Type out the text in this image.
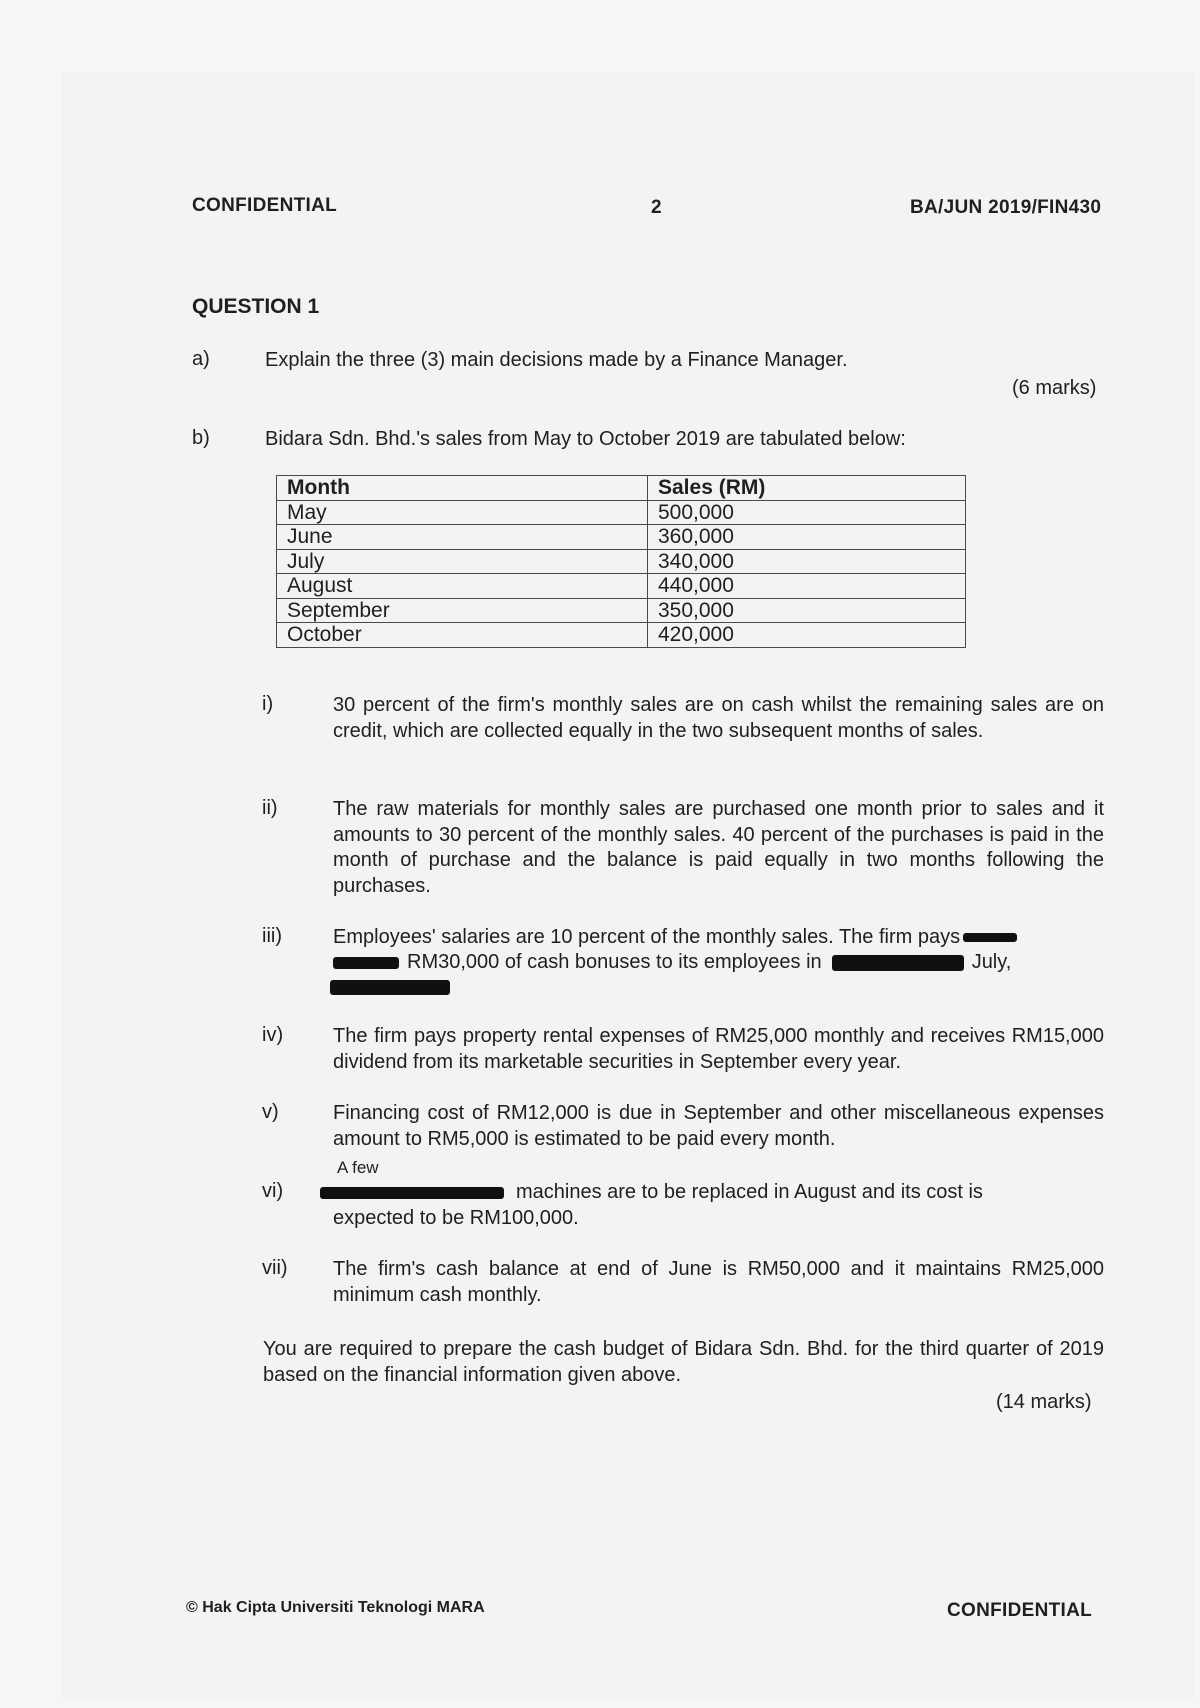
CONFIDENTIAL	2	BA/JUN 2019/FIN430
QUESTION 1
a)	Explain the three (3) main decisions made by a Finance Manager.
(6 marks)
b)	Bidara Sdn. Bhd.'s sales from May to October 2019 are tabulated below:
Month	Sales (RM)
May	500,000
June	360,000
July	340,000
August	440,000
September	350,000
October	420,000
i)	30 percent of the firm's monthly sales are on cash whilst the remaining sales are on credit, which are collected equally in the two subsequent months of sales.
ii)	The raw materials for monthly sales are purchased one month prior to sales and it amounts to 30 percent of the monthly sales. 40 percent of the purchases is paid in the month of purchase and the balance is paid equally in two months following the purchases.
iii)	Employees' salaries are 10 percent of the monthly sales. The firm pays
RM30,000 of cash bonuses to its employees in	July,
iv) The firm pays property rental expenses of RM25,000 monthly and receives RM15,000 dividend from its marketable securities in September every year.
v)	Financing cost of RM12,000 is due in September and other miscellaneous expenses amount to RM5,000 is estimated to be paid every month.
A few
vi)	machines are to be replaced in August and its cost is
expected to be RM100,000.
vii) The firm's cash balance at end of June is RM50,000 and it maintains RM25,000 minimum cash monthly.
You are required to prepare the cash budget of Bidara Sdn. Bhd. for the third quarter of 2019 based on the financial information given above.
(14 marks)
© Hak Cipta Universiti Teknologi MARA	CONFIDENTIAL
